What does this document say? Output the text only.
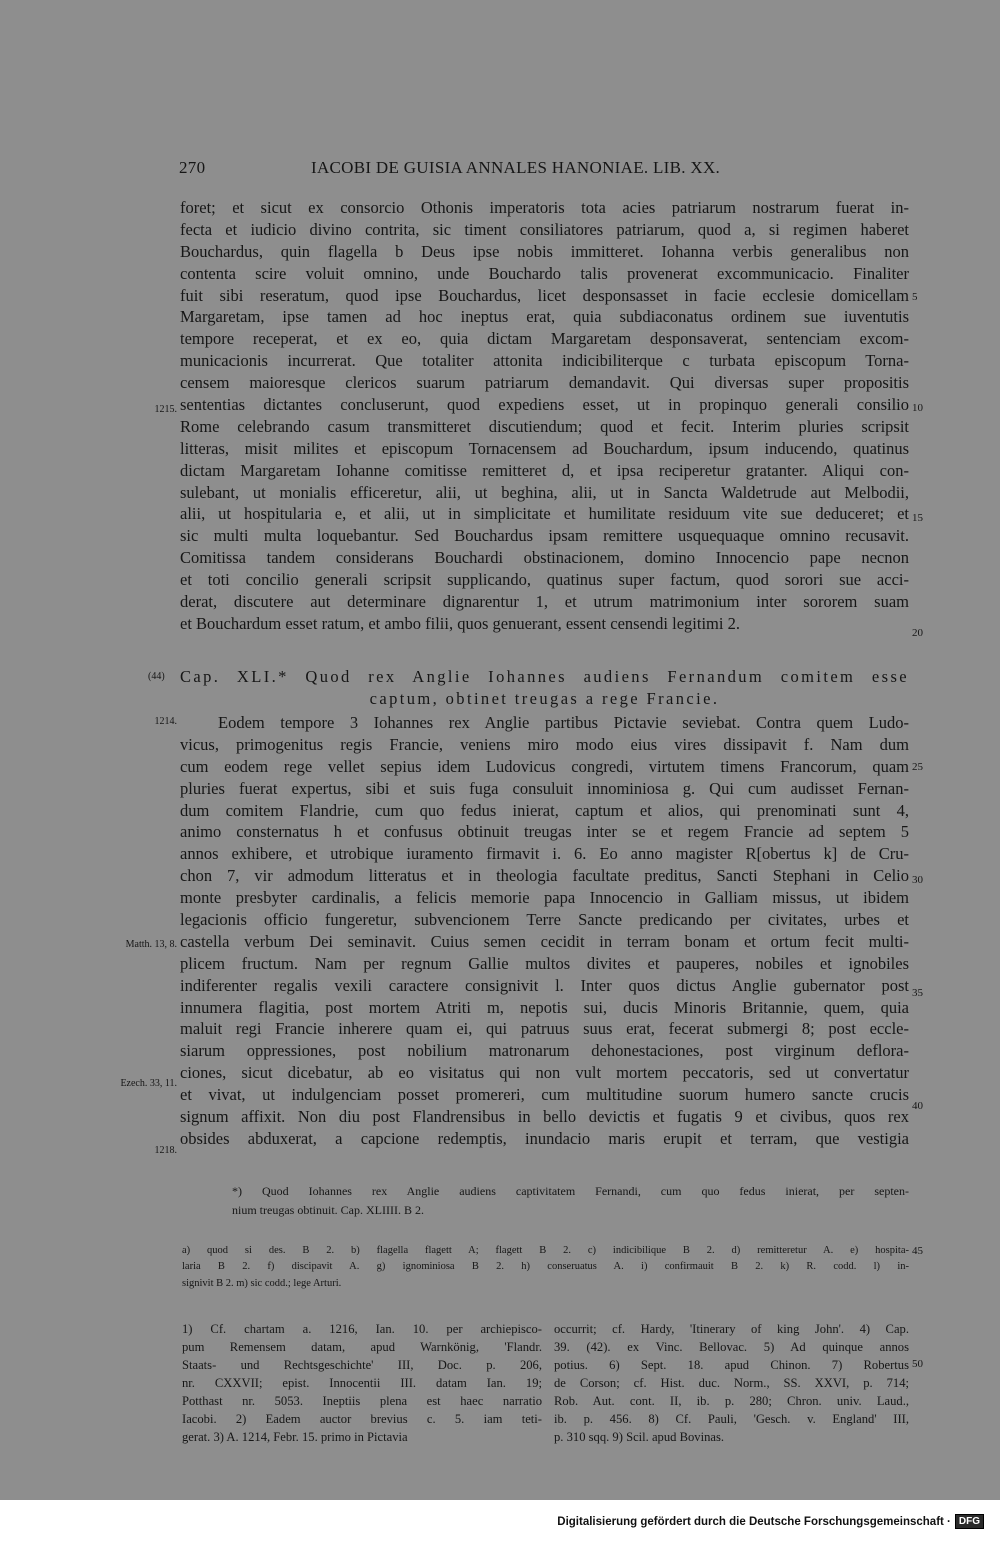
270	IACOBI DE GUISIA ANNALES HANONIAE. LIB. XX.
foret; et sicut ex consorcio Othonis imperatoris tota acies patriarum nostrarum fuerat in-
fecta et iudicio divino contrita, sic timent consiliatores patriarum, quod a, si regimen haberet
Bouchardus, quin flagella b Deus ipse nobis immitteret. Iohanna verbis generalibus non
contenta scire voluit omnino, unde Bouchardo talis provenerat excommunicacio. Finaliter
fuit sibi reseratum, quod ipse Bouchardus, licet desponsasset in facie ecclesie domicellam
Margaretam, ipse tamen ad hoc ineptus erat, quia subdiaconatus ordinem sue iuventutis
tempore receperat, et ex eo, quia dictam Margaretam desponsaverat, sentenciam excom-
municacionis incurrerat. Que totaliter attonita indicibiliterque c turbata episcopum Torna-
censem maioresque clericos suarum patriarum demandavit. Qui diversas super propositis
sententias dictantes concluserunt, quod expediens esset, ut in propinquo generali consilio
Rome celebrando casum transmitteret discutiendum; quod et fecit. Interim pluries scripsit
litteras, misit milites et episcopum Tornacensem ad Bouchardum, ipsum inducendo, quatinus
dictam Margaretam Iohanne comitisse remitteret d, et ipsa reciperetur gratanter. Aliqui con-
sulebant, ut monialis efficeretur, alii, ut beghina, alii, ut in Sancta Waldetrude aut Melbodii,
alii, ut hospitularia e, et alii, ut in simplicitate et humilitate residuum vite sue deduceret; et
sic multi multa loquebantur. Sed Bouchardus ipsam remittere usquequaque omnino recusavit.
Comitissa tandem considerans Bouchardi obstinacionem, domino Innocencio pape necnon
et toti concilio generali scripsit supplicando, quatinus super factum, quod sorori sue acci-
derat, discutere aut determinare dignarentur 1, et utrum matrimonium inter sororem suam
et Bouchardum esset ratum, et ambo filii, quos genuerant, essent censendi legitimi 2.
5
10
15
20
1215.
(44) Cap. XLI.* Quod rex Anglie Iohannes audiens Fernandum comitem esse
captum, obtinet treugas a rege Francie.
Eodem tempore 3 Iohannes rex Anglie partibus Pictavie seviebat. Contra quem Ludo-
vicus, primogenitus regis Francie, veniens miro modo eius vires dissipavit f. Nam dum
cum eodem rege vellet sepius idem Ludovicus congredi, virtutem timens Francorum, quam
pluries fuerat expertus, sibi et suis fuga consuluit innominiosa g. Qui cum audisset Fernan-
dum comitem Flandrie, cum quo fedus inierat, captum et alios, qui prenominati sunt 4,
animo consternatus h et confusus obtinuit treugas inter se et regem Francie ad septem 5
annos exhibere, et utrobique iuramento firmavit i. 6. Eo anno magister R[obertus k] de Cru-
chon 7, vir admodum litteratus et in theologia facultate preditus, Sancti Stephani in Celio
monte presbyter cardinalis, a felicis memorie papa Innocencio in Galliam missus, ut ibidem
legacionis officio fungeretur, subvencionem Terre Sancte predicando per civitates, urbes et
castella verbum Dei seminavit. Cuius semen cecidit in terram bonam et ortum fecit multi-
plicem fructum. Nam per regnum Gallie multos divites et pauperes, nobiles et ignobiles
indiferenter regalis vexili caractere consignivit l. Inter quos dictus Anglie gubernator post
innumera flagitia, post mortem Atriti m, nepotis sui, ducis Minoris Britannie, quem, quia
maluit regi Francie inherere quam ei, qui patruus suus erat, fecerat submergi 8; post eccle-
siarum oppressiones, post nobilium matronarum dehonestaciones, post virginum deflora-
ciones, sicut dicebatur, ab eo visitatus qui non vult mortem peccatoris, sed ut convertatur
et vivat, ut indulgenciam posset promereri, cum multitudine suorum humero sancte crucis
signum affixit. Non diu post Flandrensibus in bello devictis et fugatis 9 et civibus, quos rex
obsides abduxerat, a capcione redemptis, inundacio maris erupit et terram, que vestigia
25
30
35
40
1214.
Matth. 13, 8.
Ezech. 33, 11.
1218.
*) Quod Iohannes rex Anglie audiens captivitatem Fernandi, cum quo fedus inierat, per septen-
nium treugas obtinuit. Cap. XLIIII. B 2.
a) quod si des. B 2. b) flagella flagett A; flagett B 2. c) indicibilique B 2. d) remitteretur A. e) hospita-
laria B 2. f) discipavit A. g) ignominiosa B 2. h) conseruatus A. i) confirmauit B 2. k) R. codd. l) in-
signivit B 2. m) sic codd.; lege Arturi.
45
1) Cf. chartam a. 1216, Ian. 10. per archiepisco-
pum Remensem datam, apud Warnkönig, 'Flandr.
Staats- und Rechtsgeschichte' III, Doc. p. 206,
nr. CXXVII; epist. Innocentii III. datam Ian. 19;
Potthast nr. 5053. Ineptiis plena est haec narratio
Iacobi. 2) Eadem auctor brevius c. 5. iam teti-
gerat. 3) A. 1214, Febr. 15. primo in Pictavia
occurrit; cf. Hardy, 'Itinerary of king John'. 4) Cap.
39. (42). ex Vinc. Bellovac. 5) Ad quinque annos
potius. 6) Sept. 18. apud Chinon. 7) Robertus
de Corson; cf. Hist. duc. Norm., SS. XXVI, p. 714;
Rob. Aut. cont. II, ib. p. 280; Chron. univ. Laud.,
ib. p. 456. 8) Cf. Pauli, 'Gesch. v. England' III,
p. 310 sqq. 9) Scil. apud Bovinas.
50
Digitalisierung gefördert durch die Deutsche Forschungsgemeinschaft · DFG
